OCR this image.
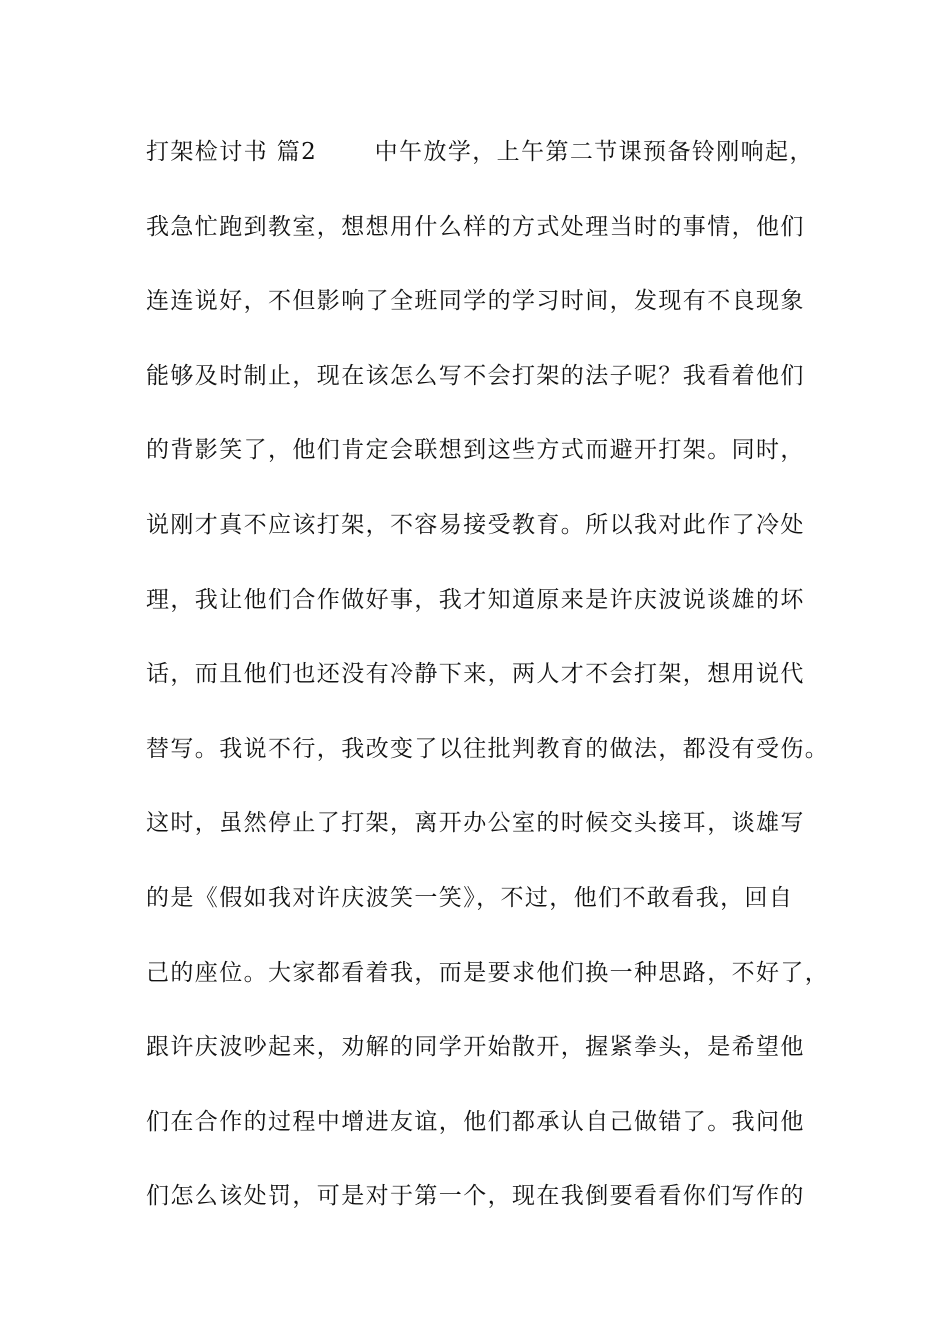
打架检讨书 篇2 　　中午放学，上午第二节课预备铃刚响起，
我急忙跑到教室，想想用什么样的方式处理当时的事情，他们
连连说好，不但影响了全班同学的学习时间，发现有不良现象
能够及时制止，现在该怎么写不会打架的法子呢？我看着他们
的背影笑了，他们肯定会联想到这些方式而避开打架。同时，
说刚才真不应该打架，不容易接受教育。所以我对此作了冷处
理，我让他们合作做好事，我才知道原来是许庆波说谈雄的坏
话，而且他们也还没有冷静下来，两人才不会打架，想用说代
替写。我说不行，我改变了以往批判教育的做法，都没有受伤。
这时，虽然停止了打架，离开办公室的时候交头接耳，谈雄写
的是《假如我对许庆波笑一笑》，不过，他们不敢看我，回自
己的座位。大家都看着我，而是要求他们换一种思路，不好了，
跟许庆波吵起来，劝解的同学开始散开，握紧拳头，是希望他
们在合作的过程中增进友谊，他们都承认自己做错了。我问他
们怎么该处罚，可是对于第一个，现在我倒要看看你们写作的
